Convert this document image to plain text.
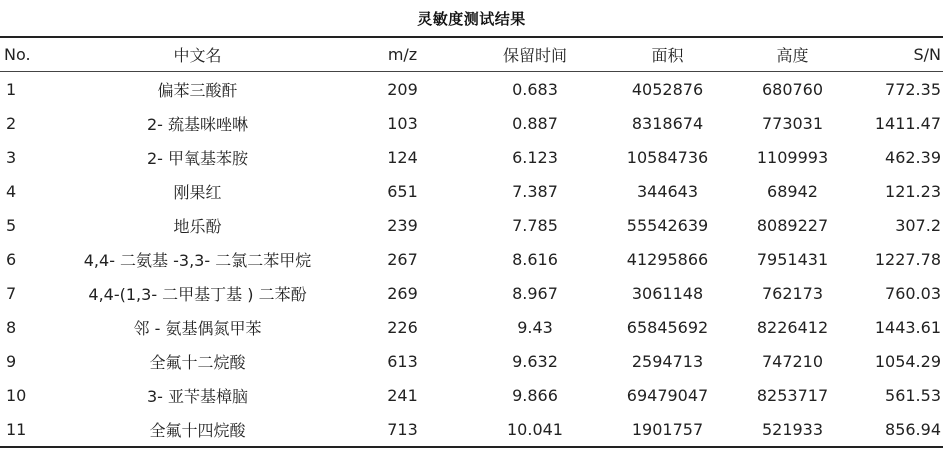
灵敏度测试结果
No.	中文名	m/z	保留时间	面积	高度	S/N
1	偏苯三酸酐	209	0.683	4052876	680760	772.35
2	2- 巯基咪唑啉	103	0.887	8318674	773031	1411.47
3	2- 甲氧基苯胺	124	6.123	10584736	1109993	462.39
4	刚果红	651	7.387	344643	68942	121.23
5	地乐酚	239	7.785	55542639	8089227	307.2
6	4,4- 二氨基 -3,3- 二氯二苯甲烷	267	8.616	41295866	7951431	1227.78
7	4,4-(1,3- 二甲基丁基 ) 二苯酚	269	8.967	3061148	762173	760.03
8	邻 - 氨基偶氮甲苯	226	9.43	65845692	8226412	1443.61
9	全氟十二烷酸	613	9.632	2594713	747210	1054.29
10	3- 亚苄基樟脑	241	9.866	69479047	8253717	561.53
11	全氟十四烷酸	713	10.041	1901757	521933	856.94
